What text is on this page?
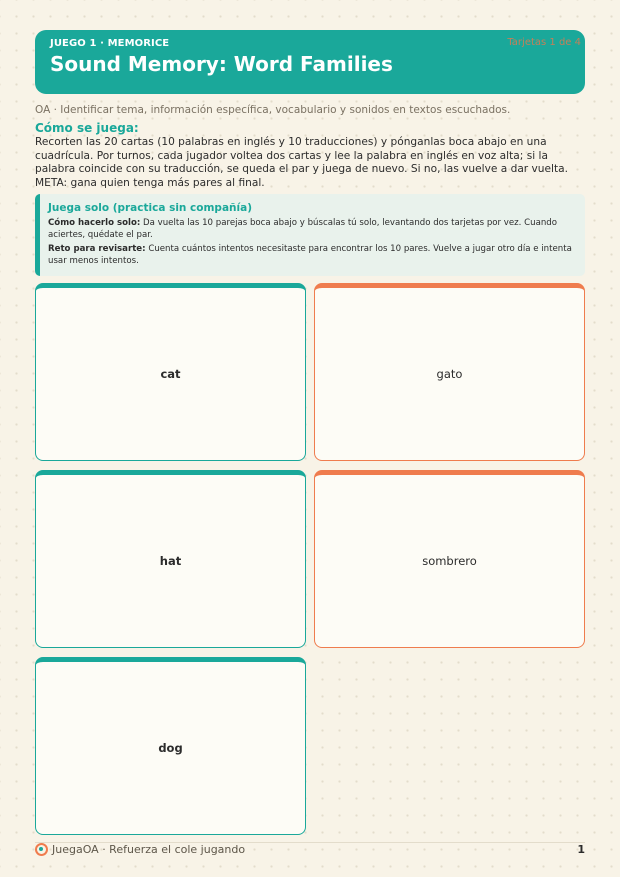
JUEGO 1 · MEMORICE
Sound Memory: Word Families
Tarjetas 1 de 4
OA · Identificar tema, información específica, vocabulario y sonidos en textos escuchados.
Cómo se juega:
Recorten las 20 cartas (10 palabras en inglés y 10 traducciones) y pónganlas boca abajo en una cuadrícula. Por turnos, cada jugador voltea dos cartas y lee la palabra en inglés en voz alta; si la palabra coincide con su traducción, se queda el par y juega de nuevo. Si no, las vuelve a dar vuelta. META: gana quien tenga más pares al final.
Juega solo (practica sin compañía)

Cómo hacerlo solo: Da vuelta las 10 parejas boca abajo y búscalas tú solo, levantando dos tarjetas por vez. Cuando aciertes, quédate el par.

Reto para revisarte: Cuenta cuántos intentos necesitaste para encontrar los 10 pares. Vuelve a jugar otro día e intenta usar menos intentos.

cat	gato
hat	sombrero
dog
JuegaOA · Refuerza el cole jugando	1
